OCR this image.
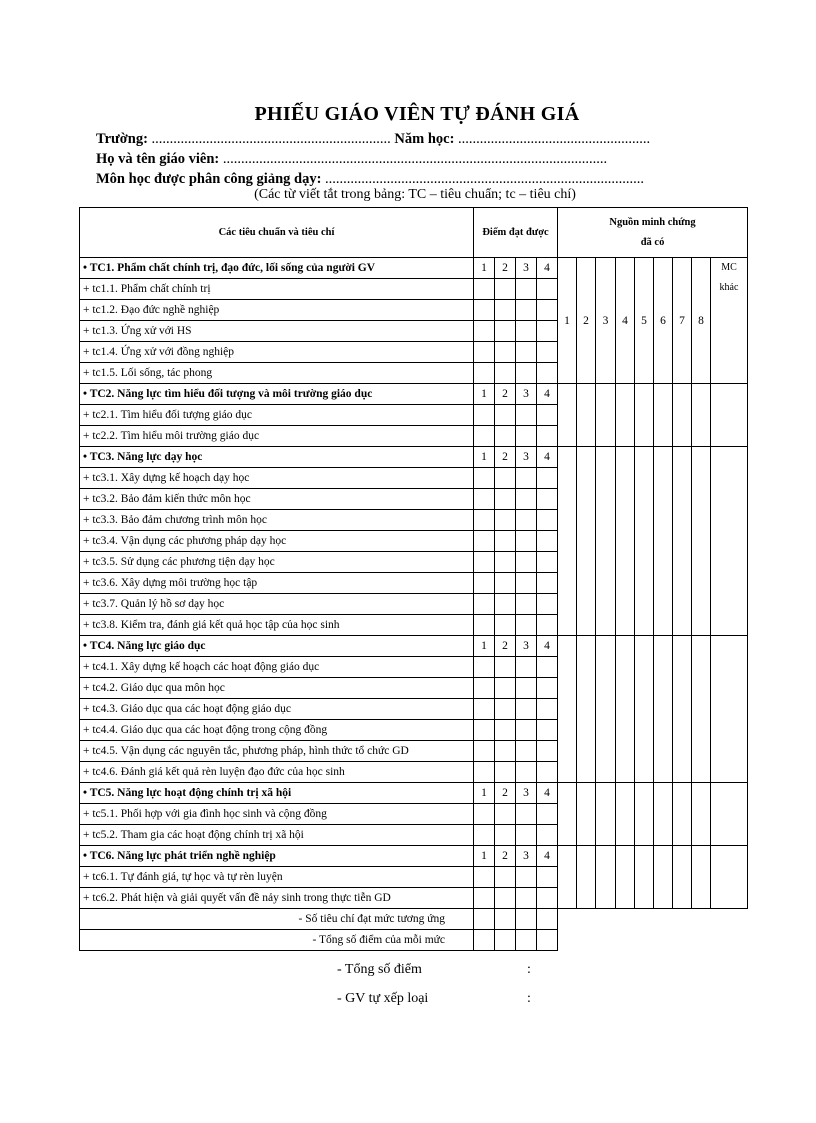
PHIẾU GIÁO VIÊN TỰ ĐÁNH GIÁ
Trường: .................................................................. Năm học: .....................................................
Họ và tên giáo viên: ..........................................................................................................
Môn học được phân công giảng dạy: ........................................................................................
(Các từ viết tắt trong bảng: TC – tiêu chuẩn; tc – tiêu chí)
Các tiêu chuẩn và tiêu chí	Điểm đạt được				Nguồn minh chứng
đã có								

• TC1. Phẩm chất chính trị, đạo đức, lối sống của người GV	1	2	3	4	1	2	3	4	5	6	7	8	MC
khác

+ tc1.1. Phẩm chất chính trị													
+ tc1.2. Đạo đức nghề nghiệp													
+ tc1.3. Ứng xử với HS													
+ tc1.4. Ứng xử với đồng nghiệp													
+ tc1.5. Lối sống, tác phong													
• TC2. Năng lực tìm hiểu đối tượng và môi trường giáo dục	1	2	3	4									
+ tc2.1. Tìm hiểu đối tượng giáo dục													
+ tc2.2. Tìm hiểu môi trường giáo dục													
• TC3. Năng lực dạy học	1	2	3	4									
+ tc3.1. Xây dựng kế hoạch dạy học													
+ tc3.2. Bảo đảm kiến thức môn học													
+ tc3.3. Bảo đảm chương trình môn học													
+ tc3.4. Vận dụng các phương pháp dạy học													
+ tc3.5. Sử dụng các phương tiện dạy học													
+ tc3.6. Xây dựng môi trường học tập													
+ tc3.7. Quản lý hồ sơ dạy học													
+ tc3.8. Kiểm tra, đánh giá kết quả học tập của học sinh													
• TC4. Năng lực giáo dục	1	2	3	4									
+ tc4.1. Xây dựng kế hoạch các hoạt động giáo dục													
+ tc4.2. Giáo dục qua môn học													
+ tc4.3. Giáo dục qua các hoạt động giáo dục													
+ tc4.4. Giáo dục qua các hoạt động trong cộng đồng													
+ tc4.5. Vận dụng các nguyên tắc, phương pháp, hình thức tổ chức GD													
+ tc4.6. Đánh giá kết quả rèn luyện đạo đức của học sinh													
• TC5. Năng lực hoạt động chính trị xã hội	1	2	3	4									
+ tc5.1. Phối hợp với gia đình học sinh và cộng đồng													
+ tc5.2. Tham gia các hoạt động chính trị xã hội													
• TC6. Năng lực phát triển nghề nghiệp	1	2	3	4									
+ tc6.1. Tự đánh giá, tự học và tự rèn luyện													
+ tc6.2. Phát hiện và giải quyết vấn đề nảy sinh trong thực tiễn GD													
- Số tiêu chí đạt mức tương ứng													
- Tổng số điểm của mỗi mức													
- Tổng số điểm	:
- GV tự xếp loại	:
